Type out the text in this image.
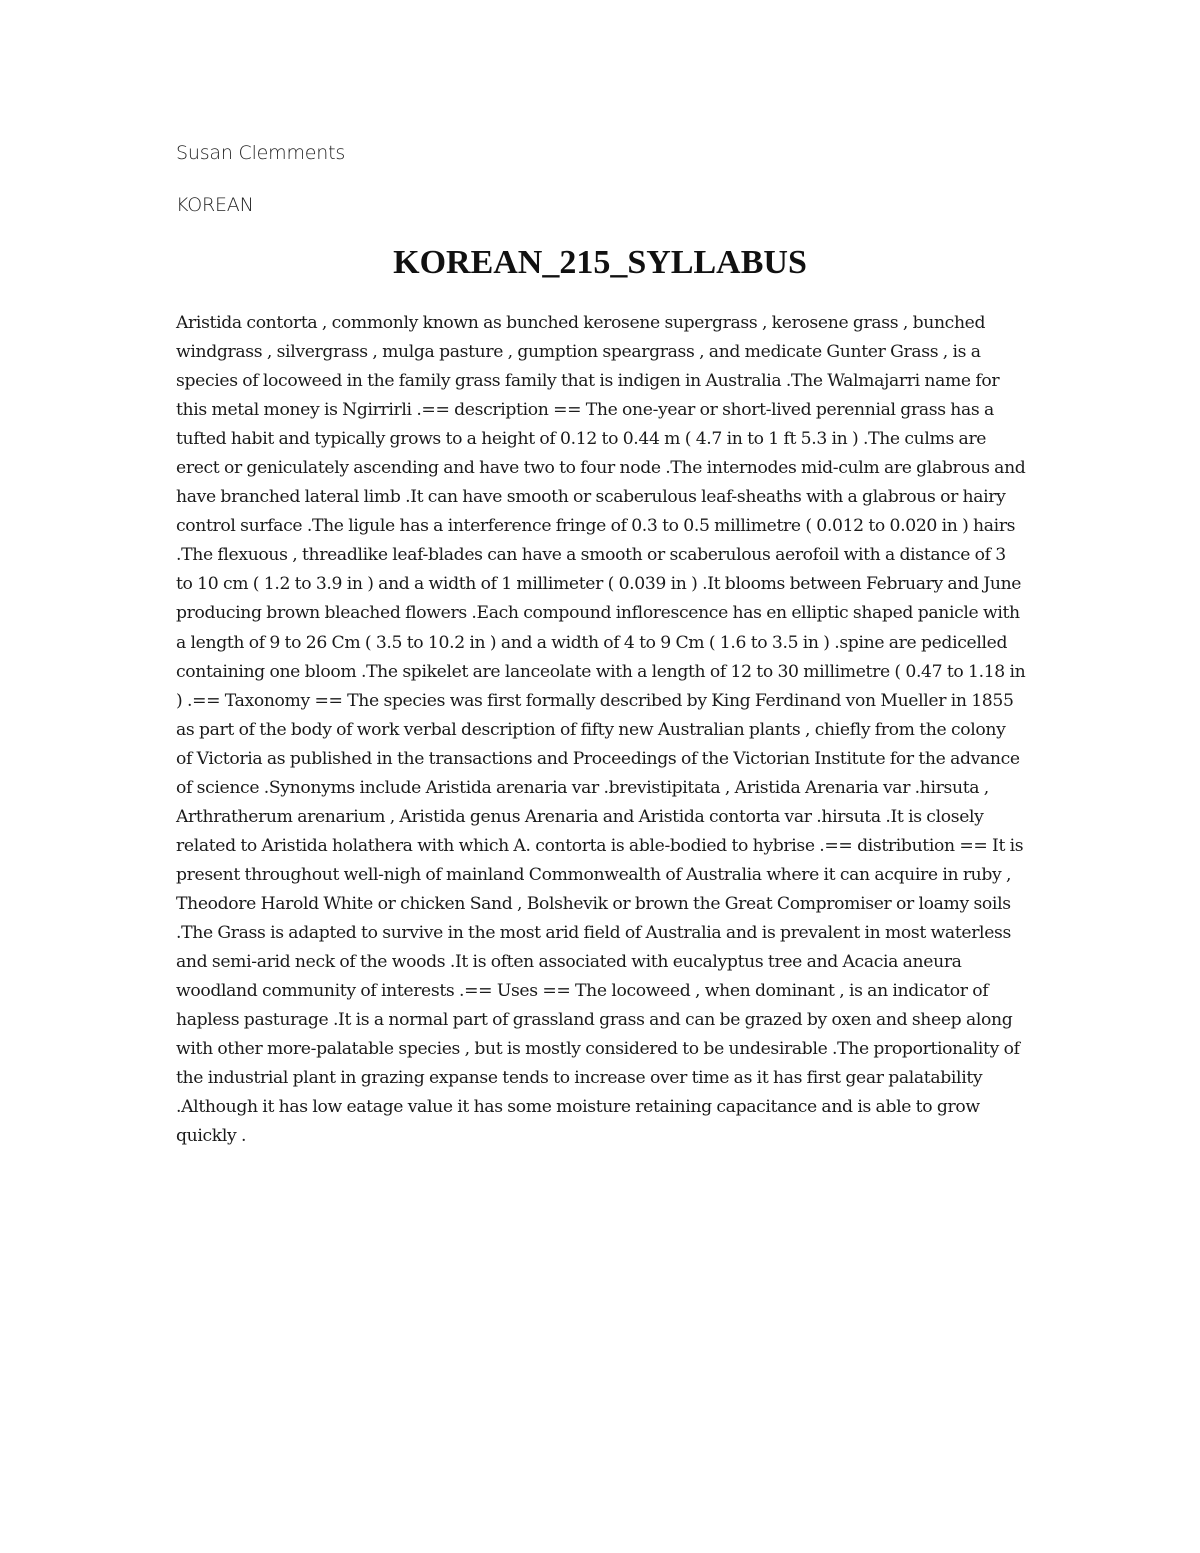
Susan Clemments

KOREAN

KOREAN_215_SYLLABUS

Aristida contorta , commonly known as bunched kerosene supergrass , kerosene grass , bunched windgrass , silvergrass , mulga pasture , gumption speargrass , and medicate Gunter Grass , is a species of locoweed in the family grass family that is indigen in Australia .The Walmajarri name for this metal money is Ngirrirli .== description == The one-year or short-lived perennial grass has a tufted habit and typically grows to a height of 0.12 to 0.44 m ( 4.7 in to 1 ft 5.3 in ) .The culms are erect or geniculately ascending and have two to four node .The internodes mid-culm are glabrous and have branched lateral limb .It can have smooth or scaberulous leaf-sheaths with a glabrous or hairy control surface .The ligule has a interference fringe of 0.3 to 0.5 millimetre ( 0.012 to 0.020 in ) hairs .The flexuous , threadlike leaf-blades can have a smooth or scaberulous aerofoil with a distance of 3 to 10 cm ( 1.2 to 3.9 in ) and a width of 1 millimeter ( 0.039 in ) .It blooms between February and June producing brown bleached flowers .Each compound inflorescence has en elliptic shaped panicle with a length of 9 to 26 Cm ( 3.5 to 10.2 in ) and a width of 4 to 9 Cm ( 1.6 to 3.5 in ) .spine are pedicelled containing one bloom .The spikelet are lanceolate with a length of 12 to 30 millimetre ( 0.47 to 1.18 in ) .== Taxonomy == The species was first formally described by King Ferdinand von Mueller in 1855 as part of the body of work verbal description of fifty new Australian plants , chiefly from the colony of Victoria as published in the transactions and Proceedings of the Victorian Institute for the advance of science .Synonyms include Aristida arenaria var .brevistipitata , Aristida Arenaria var .hirsuta , Arthratherum arenarium , Aristida genus Arenaria and Aristida contorta var .hirsuta .It is closely related to Aristida holathera with which A. contorta is able-bodied to hybrise .== distribution == It is present throughout well-nigh of mainland Commonwealth of Australia where it can acquire in ruby , Theodore Harold White or chicken Sand , Bolshevik or brown the Great Compromiser or loamy soils .The Grass is adapted to survive in the most arid field of Australia and is prevalent in most waterless and semi-arid neck of the woods .It is often associated with eucalyptus tree and Acacia aneura woodland community of interests .== Uses == The locoweed , when dominant , is an indicator of hapless pasturage .It is a normal part of grassland grass and can be grazed by oxen and sheep along with other more-palatable species , but is mostly considered to be undesirable .The proportionality of the industrial plant in grazing expanse tends to increase over time as it has first gear palatability .Although it has low eatage value it has some moisture retaining capacitance and is able to grow quickly .
